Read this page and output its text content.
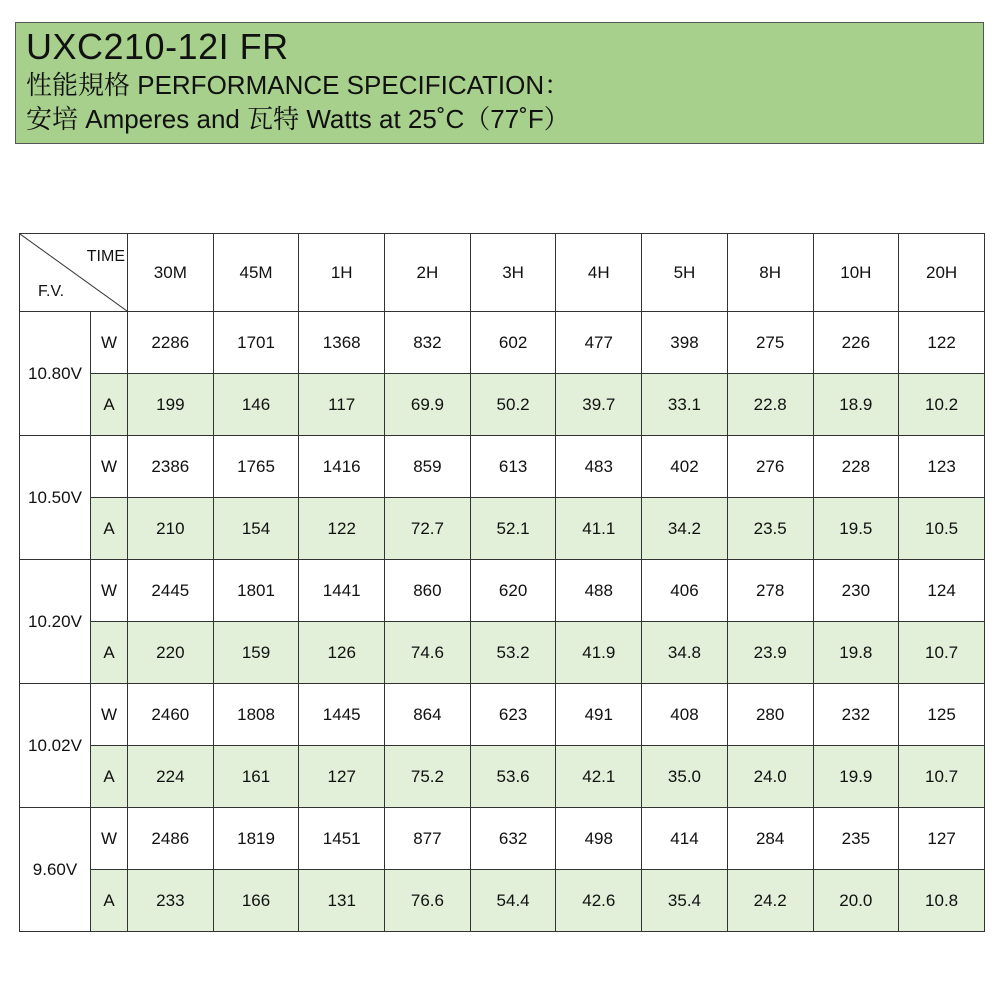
UXC210-12I FR
性能規格 PERFORMANCE SPECIFICATION：
安培 Amperes and 瓦特 Watts at 25˚C（77˚F）
TIME
F.V.		30M	45M	1H	2H	3H	4H	5H	8H	10H	20H
10.80V	W	2286	1701	1368	832	602	477	398	275	226	122
	A	199	146	117	69.9	50.2	39.7	33.1	22.8	18.9	10.2
10.50V	W	2386	1765	1416	859	613	483	402	276	228	123
	A	210	154	122	72.7	52.1	41.1	34.2	23.5	19.5	10.5
10.20V	W	2445	1801	1441	860	620	488	406	278	230	124
	A	220	159	126	74.6	53.2	41.9	34.8	23.9	19.8	10.7
10.02V	W	2460	1808	1445	864	623	491	408	280	232	125
	A	224	161	127	75.2	53.6	42.1	35.0	24.0	19.9	10.7
9.60V	W	2486	1819	1451	877	632	498	414	284	235	127
	A	233	166	131	76.6	54.4	42.6	35.4	24.2	20.0	10.8
